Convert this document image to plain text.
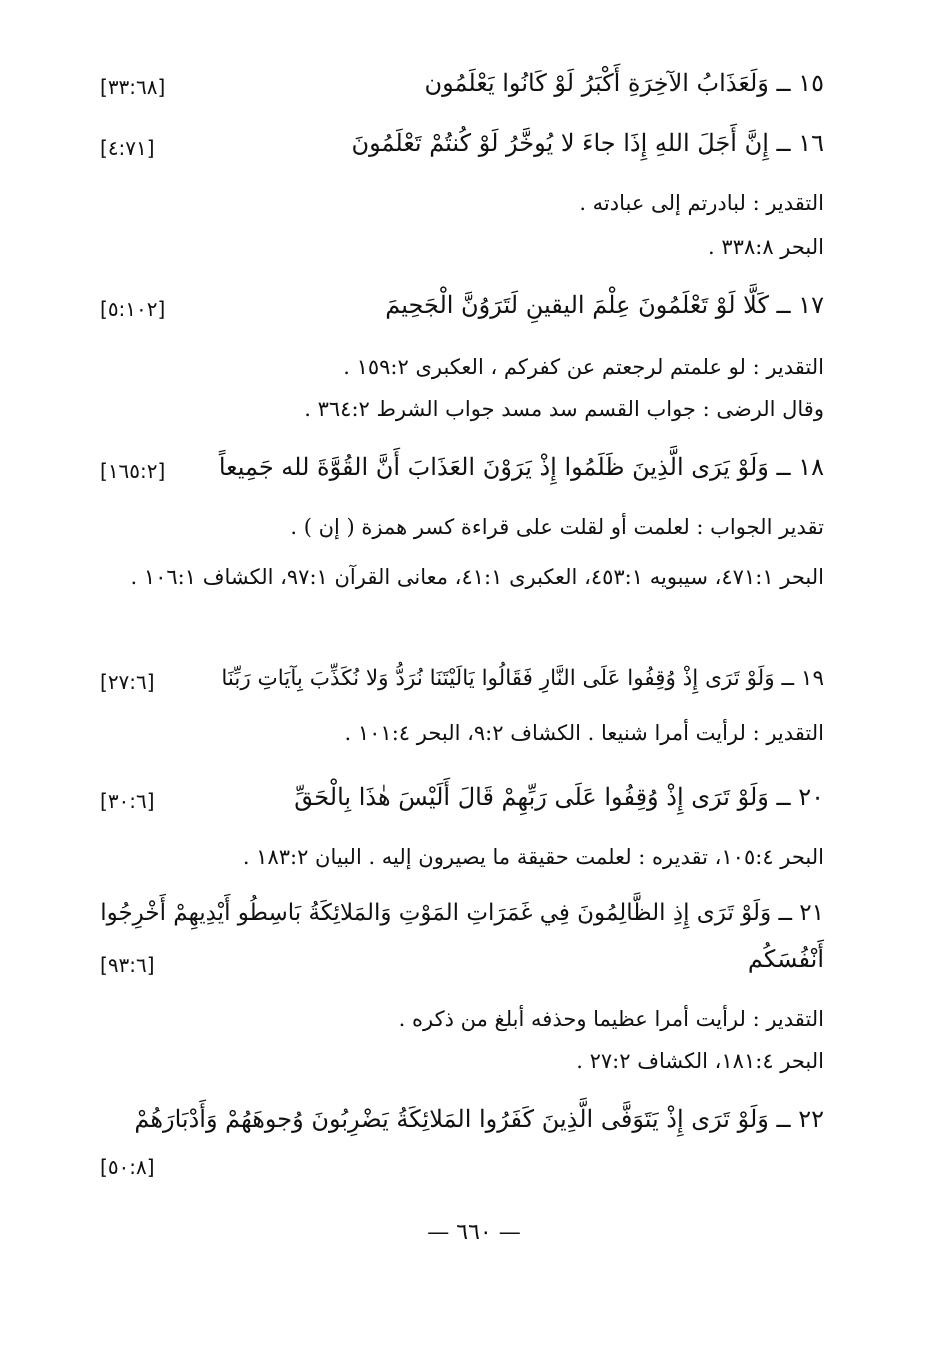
١٥ ــ وَلَعَذَابُ الآخِرَةِ أَكْبَرُ لَوْ كَانُوا يَعْلَمُون
[٣٣:٦٨]
١٦ ــ إِنَّ أَجَلَ اللهِ إِذَا جاءَ لا يُوخَّرُ لَوْ كُنتُمْ تَعْلَمُونَ
[٤:٧١]
التقدير : لبادرتم إلى عبادته .
البحر ٣٣٨:٨ .
١٧ ــ كَلَّا لَوْ تَعْلَمُونَ عِلْمَ اليقينِ لَتَرَوُنَّ الْجَحِيمَ
[٥:١٠٢]
التقدير : لو علمتم لرجعتم عن كفركم ، العكبرى ١٥٩:٢ .
وقال الرضى : جواب القسم سد مسد جواب الشرط ٣٦٤:٢ .
١٨ ــ وَلَوْ يَرَى الَّذِينَ ظَلَمُوا إِذْ يَرَوْنَ العَذَابَ أَنَّ القُوَّةَ لله جَمِيعاً
[١٦٥:٢]
تقدير الجواب : لعلمت أو لقلت على قراءة كسر همزة ( إن ) .
البحر ٤٧١:١، سيبويه ٤٥٣:١، العكبرى ٤١:١، معانى القرآن ٩٧:١، الكشاف ١٠٦:١ .
١٩ ــ وَلَوْ تَرَى إِذْ وُقِفُوا عَلَى النَّارِ فَقَالُوا يَالَيْتَنَا نُرَدُّ وَلا نُكَذِّبَ بِآيَاتِ رَبِّنَا
[٢٧:٦]
التقدير : لرأيت أمرا شنيعا . الكشاف ٩:٢، البحر ١٠١:٤ .
٢٠ ــ وَلَوْ تَرَى إِذْ وُقِفُوا عَلَى رَبِّهِمْ قَالَ أَلَيْسَ هٰذَا بِالْحَقِّ
[٣٠:٦]
البحر ١٠٥:٤، تقديره : لعلمت حقيقة ما يصيرون إليه . البيان ١٨٣:٢ .
٢١ ــ وَلَوْ تَرَى إِذِ الظَّالِمُونَ فِي غَمَرَاتِ المَوْتِ وَالمَلائِكَةُ بَاسِطُو أَيْدِيهِمْ أَخْرِجُوا
أَنْفُسَكُم
[٩٣:٦]
التقدير : لرأيت أمرا عظيما وحذفه أبلغ من ذكره .
البحر ١٨١:٤، الكشاف ٢٧:٢ .
٢٢ ــ وَلَوْ تَرَى إِذْ يَتَوَفَّى الَّذِينَ كَفَرُوا المَلائِكَةُ يَضْرِبُونَ وُجوهَهُمْ وَأَدْبَارَهُمْ
[٥٠:٨]
— ٦٦٠ —
